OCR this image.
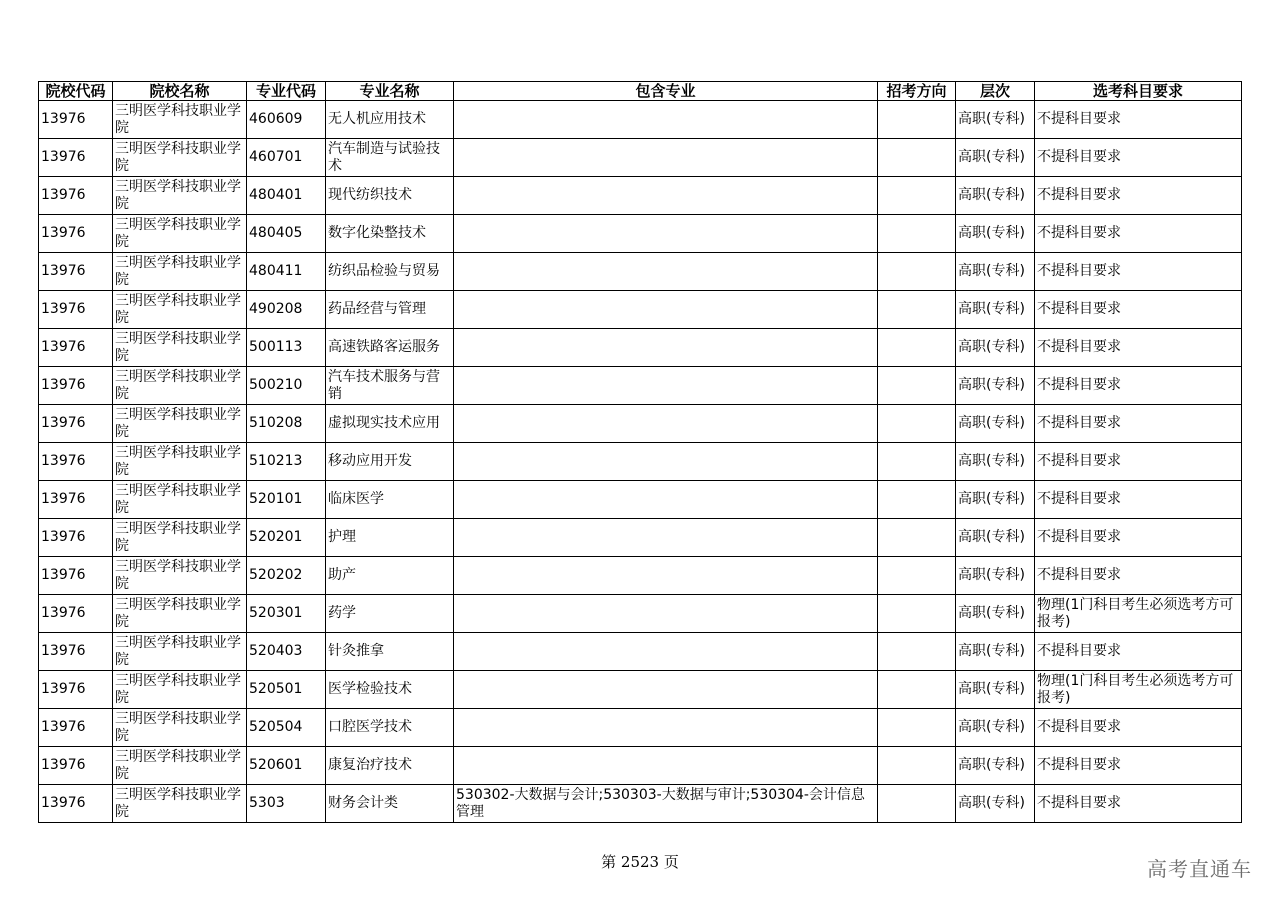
院校代码	院校名称	专业代码	专业名称	包含专业	招考方向	层次	选考科目要求
13976	三明医学科技职业学院	460609	无人机应用技术			高职(专科)	不提科目要求
13976	三明医学科技职业学院	460701	汽车制造与试验技术			高职(专科)	不提科目要求
13976	三明医学科技职业学院	480401	现代纺织技术			高职(专科)	不提科目要求
13976	三明医学科技职业学院	480405	数字化染整技术			高职(专科)	不提科目要求
13976	三明医学科技职业学院	480411	纺织品检验与贸易			高职(专科)	不提科目要求
13976	三明医学科技职业学院	490208	药品经营与管理			高职(专科)	不提科目要求
13976	三明医学科技职业学院	500113	高速铁路客运服务			高职(专科)	不提科目要求
13976	三明医学科技职业学院	500210	汽车技术服务与营销			高职(专科)	不提科目要求
13976	三明医学科技职业学院	510208	虚拟现实技术应用			高职(专科)	不提科目要求
13976	三明医学科技职业学院	510213	移动应用开发			高职(专科)	不提科目要求
13976	三明医学科技职业学院	520101	临床医学			高职(专科)	不提科目要求
13976	三明医学科技职业学院	520201	护理			高职(专科)	不提科目要求
13976	三明医学科技职业学院	520202	助产			高职(专科)	不提科目要求
13976	三明医学科技职业学院	520301	药学			高职(专科)	物理(1门科目考生必须选考方可报考)
13976	三明医学科技职业学院	520403	针灸推拿			高职(专科)	不提科目要求
13976	三明医学科技职业学院	520501	医学检验技术			高职(专科)	物理(1门科目考生必须选考方可报考)
13976	三明医学科技职业学院	520504	口腔医学技术			高职(专科)	不提科目要求
13976	三明医学科技职业学院	520601	康复治疗技术			高职(专科)	不提科目要求
13976	三明医学科技职业学院	5303	财务会计类	530302-大数据与会计;530303-大数据与审计;530304-会计信息管理		高职(专科)	不提科目要求
第 2523 页	高考直通车
